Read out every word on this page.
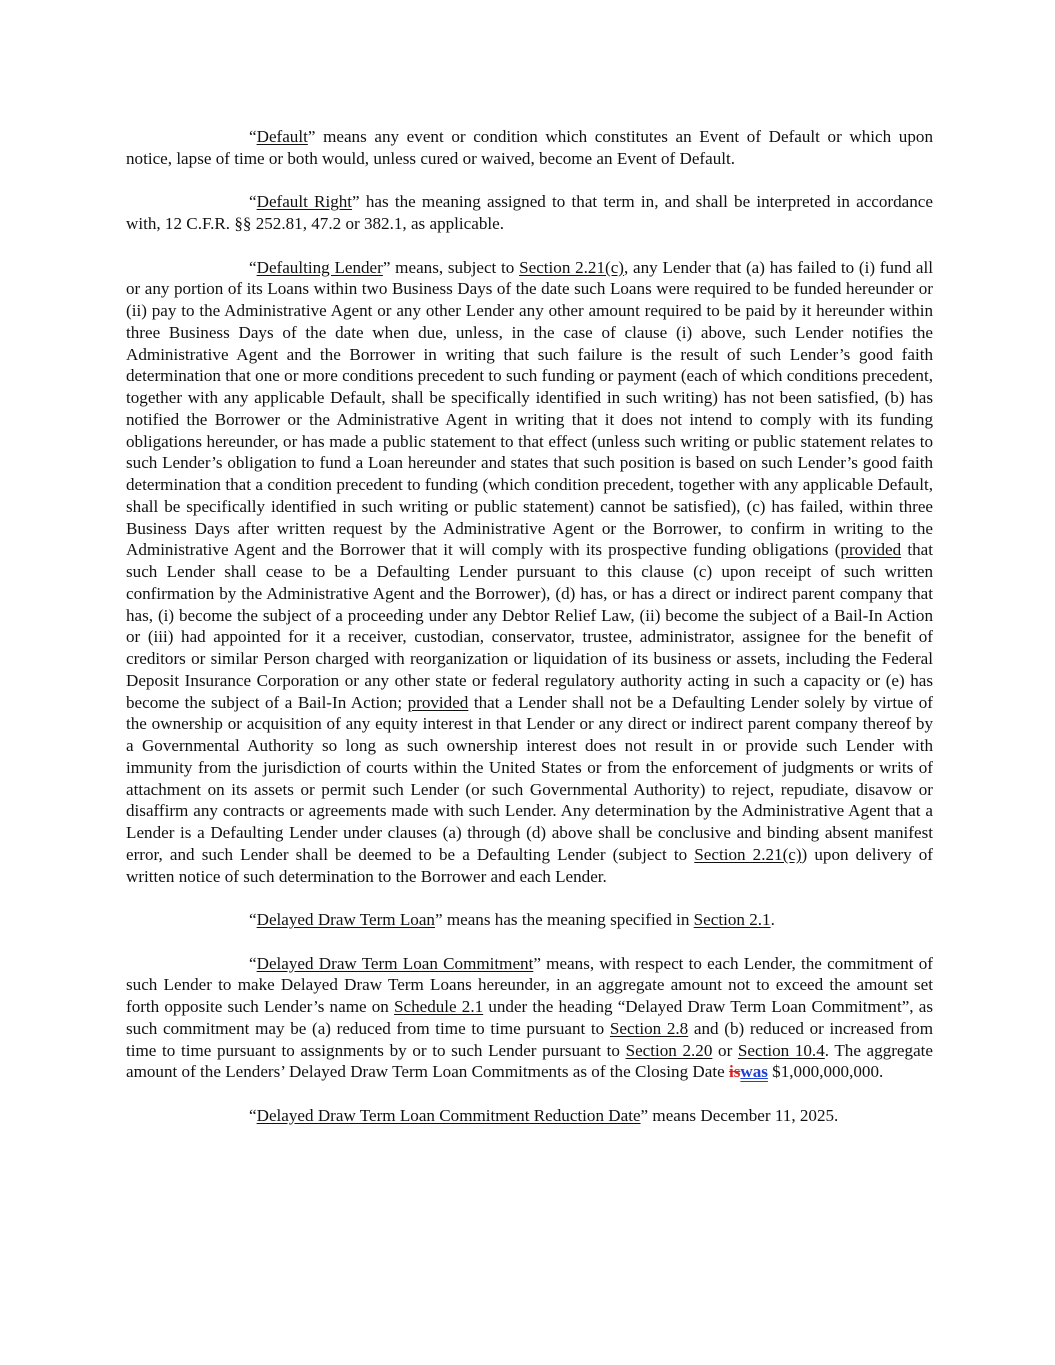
“Default” means any event or condition which constitutes an Event of Default or which upon notice, lapse of time or both would, unless cured or waived, become an Event of Default.

“Default Right” has the meaning assigned to that term in, and shall be interpreted in accordance with, 12 C.F.R. §§ 252.81, 47.2 or 382.1, as applicable.

“Defaulting Lender” means, subject to Section 2.21(c), any Lender that (a) has failed to (i) fund all or any portion of its Loans within two Business Days of the date such Loans were required to be funded hereunder or (ii) pay to the Administrative Agent or any other Lender any other amount required to be paid by it hereunder within three Business Days of the date when due, unless, in the case of clause (i) above, such Lender notifies the Administrative Agent and the Borrower in writing that such failure is the result of such Lender’s good faith determination that one or more conditions precedent to such funding or payment (each of which conditions precedent, together with any applicable Default, shall be specifically identified in such writing) has not been satisfied, (b) has notified the Borrower or the Administrative Agent in writing that it does not intend to comply with its funding obligations hereunder, or has made a public statement to that effect (unless such writing or public statement relates to such Lender’s obligation to fund a Loan hereunder and states that such position is based on such Lender’s good faith determination that a condition precedent to funding (which condition precedent, together with any applicable Default, shall be specifically identified in such writing or public statement) cannot be satisfied), (c) has failed, within three Business Days after written request by the Administrative Agent or the Borrower, to confirm in writing to the Administrative Agent and the Borrower that it will comply with its prospective funding obligations (provided that such Lender shall cease to be a Defaulting Lender pursuant to this clause (c) upon receipt of such written confirmation by the Administrative Agent and the Borrower), (d) has, or has a direct or indirect parent company that has, (i) become the subject of a proceeding under any Debtor Relief Law, (ii) become the subject of a Bail-In Action or (iii) had appointed for it a receiver, custodian, conservator, trustee, administrator, assignee for the benefit of creditors or similar Person charged with reorganization or liquidation of its business or assets, including the Federal Deposit Insurance Corporation or any other state or federal regulatory authority acting in such a capacity or (e) has become the subject of a Bail-In Action; provided that a Lender shall not be a Defaulting Lender solely by virtue of the ownership or acquisition of any equity interest in that Lender or any direct or indirect parent company thereof by a Governmental Authority so long as such ownership interest does not result in or provide such Lender with immunity from the jurisdiction of courts within the United States or from the enforcement of judgments or writs of attachment on its assets or permit such Lender (or such Governmental Authority) to reject, repudiate, disavow or disaffirm any contracts or agreements made with such Lender. Any determination by the Administrative Agent that a Lender is a Defaulting Lender under clauses (a) through (d) above shall be conclusive and binding absent manifest error, and such Lender shall be deemed to be a Defaulting Lender (subject to Section 2.21(c)) upon delivery of written notice of such determination to the Borrower and each Lender.

“Delayed Draw Term Loan” means has the meaning specified in Section 2.1.

“Delayed Draw Term Loan Commitment” means, with respect to each Lender, the commitment of such Lender to make Delayed Draw Term Loans hereunder, in an aggregate amount not to exceed the amount set forth opposite such Lender’s name on Schedule 2.1 under the heading “Delayed Draw Term Loan Commitment”, as such commitment may be (a) reduced from time to time pursuant to Section 2.8 and (b) reduced or increased from time to time pursuant to assignments by or to such Lender pursuant to Section 2.20 or Section 10.4. The aggregate amount of the Lenders’ Delayed Draw Term Loan Commitments as of the Closing Date iswas $1,000,000,000.

“Delayed Draw Term Loan Commitment Reduction Date” means December 11, 2025.
